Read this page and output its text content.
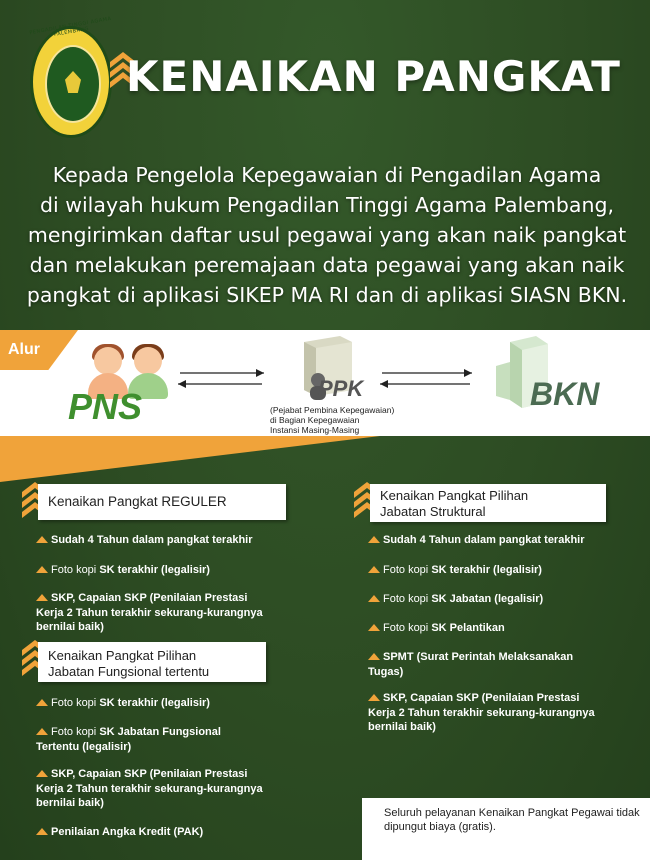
PENGADILAN TINGGI AGAMA PALEMBANG
KENAIKAN PANGKAT
Kepada Pengelola Kepegawaian di Pengadilan Agama
di wilayah hukum Pengadilan Tinggi Agama Palembang,
mengirimkan daftar usul pegawai yang akan naik pangkat
dan melakukan peremajaan data pegawai yang akan naik
pangkat di aplikasi SIKEP MA RI dan di aplikasi SIASN BKN.
Alur
PNS	PPK
(Pejabat Pembina Kepegawaian)
di Bagian Kepegawaian
Instansi Masing-Masing
BKN
Kenaikan Pangkat REGULER
Sudah 4 Tahun dalam pangkat terakhir
Foto kopi SK terakhir (legalisir)
SKP, Capaian SKP (Penilaian Prestasi Kerja 2 Tahun terakhir sekurang-kurangnya bernilai baik)
Kenaikan Pangkat Pilihan
Jabatan Fungsional tertentu
Foto kopi SK terakhir (legalisir)
Foto kopi SK Jabatan Fungsional Tertentu (legalisir)
SKP, Capaian SKP (Penilaian Prestasi Kerja 2 Tahun terakhir sekurang-kurangnya bernilai baik)
Penilaian Angka Kredit (PAK)
Kenaikan Pangkat Pilihan
Jabatan Struktural
Sudah 4 Tahun dalam pangkat terakhir
Foto kopi SK terakhir (legalisir)
Foto kopi SK Jabatan (legalisir)
Foto kopi SK Pelantikan
SPMT (Surat Perintah Melaksanakan Tugas)
SKP, Capaian SKP (Penilaian Prestasi Kerja 2 Tahun terakhir sekurang-kurangnya bernilai baik)
Seluruh pelayanan Kenaikan Pangkat Pegawai tidak dipungut biaya (gratis).
